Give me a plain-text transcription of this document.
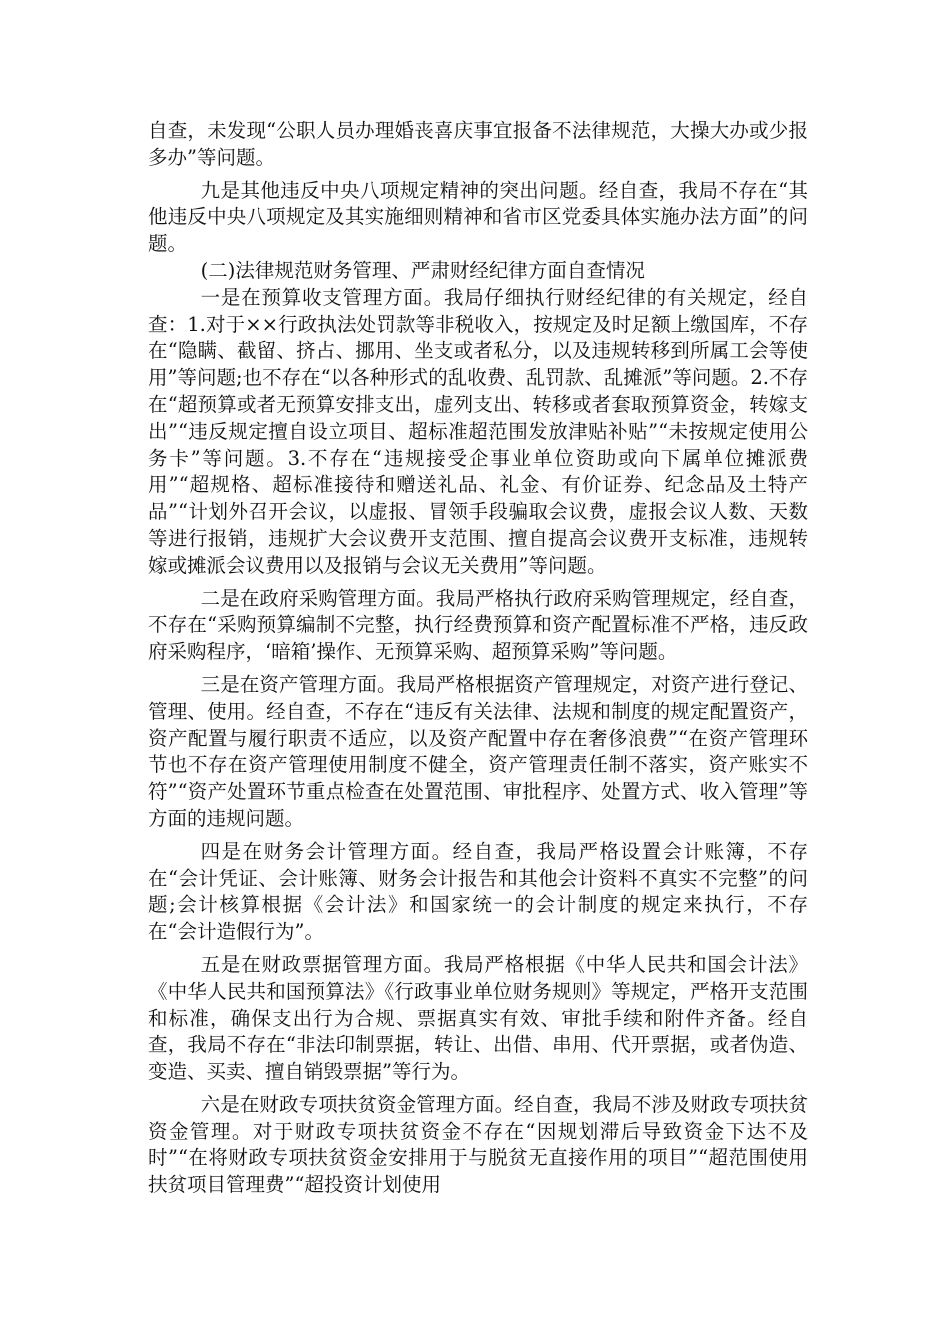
自查，未发现“公职人员办理婚丧喜庆事宜报备不法律规范，大操大办或少报多办”等问题。

九是其他违反中央八项规定精神的突出问题。经自查，我局不存在“其他违反中央八项规定及其实施细则精神和省市区党委具体实施办法方面”的问题。

(二)法律规范财务管理、严肃财经纪律方面自查情况

一是在预算收支管理方面。我局仔细执行财经纪律的有关规定，经自查：1.对于××行政执法处罚款等非税收入，按规定及时足额上缴国库，不存在“隐瞒、截留、挤占、挪用、坐支或者私分，以及违规转移到所属工会等使用”等问题;也不存在“以各种形式的乱收费、乱罚款、乱摊派”等问题。2.不存在“超预算或者无预算安排支出，虚列支出、转移或者套取预算资金，转嫁支出”“违反规定擅自设立项目、超标准超范围发放津贴补贴”“未按规定使用公务卡”等问题。3.不存在“违规接受企事业单位资助或向下属单位摊派费用”“超规格、超标准接待和赠送礼品、礼金、有价证券、纪念品及土特产品”“计划外召开会议，以虚报、冒领手段骗取会议费，虚报会议人数、天数等进行报销，违规扩大会议费开支范围、擅自提高会议费开支标准，违规转嫁或摊派会议费用以及报销与会议无关费用”等问题。

二是在政府采购管理方面。我局严格执行政府采购管理规定，经自查，不存在“采购预算编制不完整，执行经费预算和资产配置标准不严格，违反政府采购程序，‘暗箱’操作、无预算采购、超预算采购”等问题。

三是在资产管理方面。我局严格根据资产管理规定，对资产进行登记、管理、使用。经自查，不存在“违反有关法律、法规和制度的规定配置资产，资产配置与履行职责不适应，以及资产配置中存在奢侈浪费”“在资产管理环节也不存在资产管理使用制度不健全，资产管理责任制不落实，资产账实不符”“资产处置环节重点检查在处置范围、审批程序、处置方式、收入管理”等方面的违规问题。

四是在财务会计管理方面。经自查，我局严格设置会计账簿，不存在“会计凭证、会计账簿、财务会计报告和其他会计资料不真实不完整”的问题;会计核算根据《会计法》和国家统一的会计制度的规定来执行，不存在“会计造假行为”。

五是在财政票据管理方面。我局严格根据《中华人民共和国会计法》《中华人民共和国预算法》《行政事业单位财务规则》等规定，严格开支范围和标准，确保支出行为合规、票据真实有效、审批手续和附件齐备。经自查，我局不存在“非法印制票据，转让、出借、串用、代开票据，或者伪造、变造、买卖、擅自销毁票据”等行为。

六是在财政专项扶贫资金管理方面。经自查，我局不涉及财政专项扶贫资金管理。对于财政专项扶贫资金不存在“因规划滞后导致资金下达不及时”“在将财政专项扶贫资金安排用于与脱贫无直接作用的项目”“超范围使用扶贫项目管理费”“超投资计划使用
